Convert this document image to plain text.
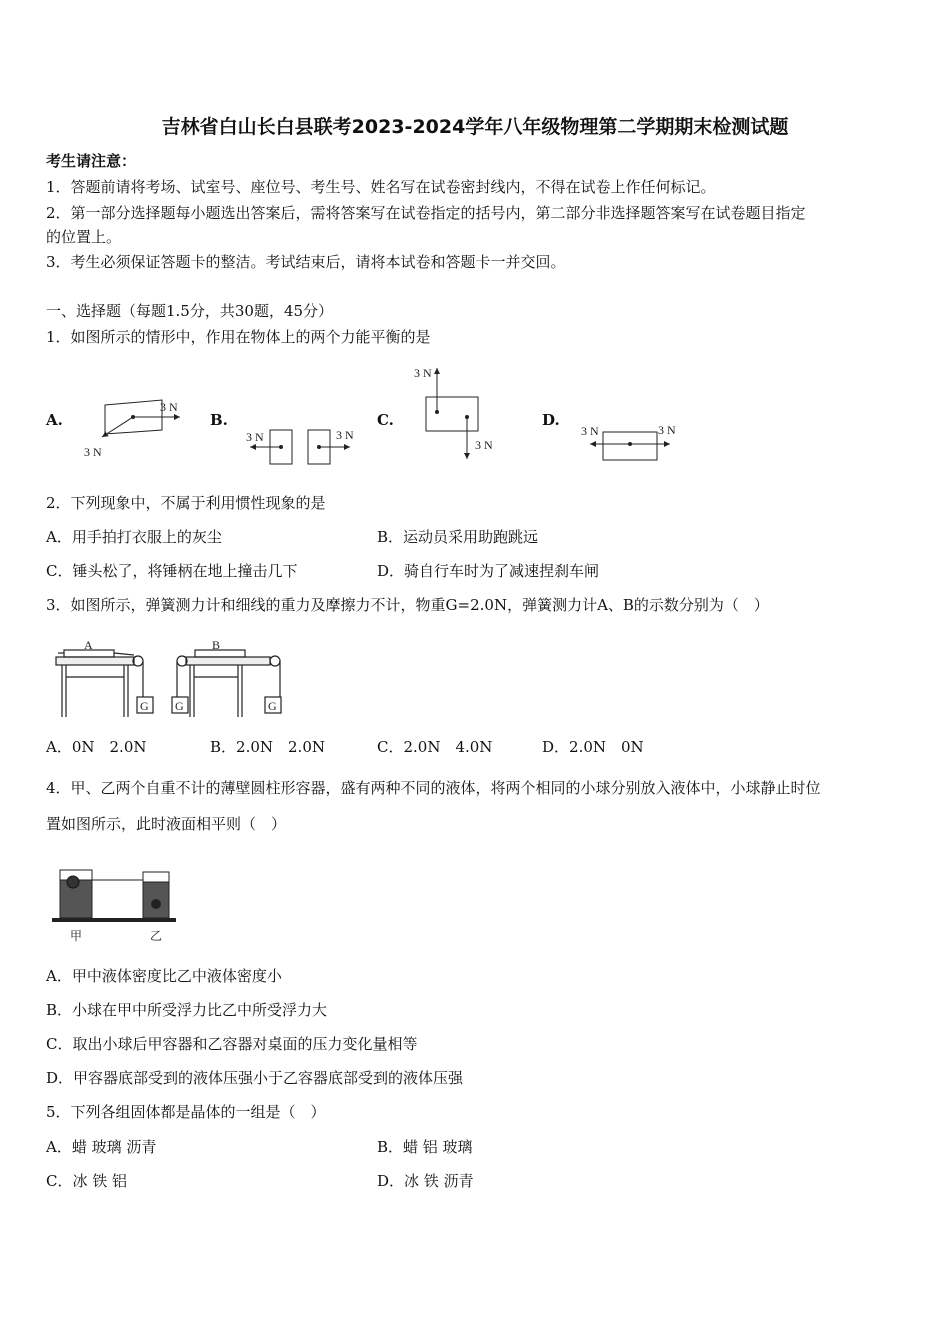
吉林省白山长白县联考2023-2024学年八年级物理第二学期期末检测试题
考生请注意：
1．答题前请将考场、试室号、座位号、考生号、姓名写在试卷密封线内，不得在试卷上作任何标记。
2．第一部分选择题每小题选出答案后，需将答案写在试卷指定的括号内，第二部分非选择题答案写在试卷题目指定
的位置上。
3．考生必须保证答题卡的整洁。考试结束后，请将本试卷和答题卡一并交回。
一、选择题（每题1.5分，共30题，45分）
1．如图所示的情形中，作用在物体上的两个力能平衡的是
A.	B.	C.	D.
3 N
3 N
3 N	3 N
3 N
3 N
3 N	3 N
2．下列现象中，不属于利用惯性现象的是
A．用手拍打衣服上的灰尘	B．运动员采用助跑跳远
C．锤头松了，将锤柄在地上撞击几下	D．骑自行车时为了减速捏刹车闸
3．如图所示，弹簧测力计和细线的重力及摩擦力不计，物重G=2.0N，弹簧测力计A、B的示数分别为（　）
A
G
B
G	G
A．0N　2.0N	B．2.0N　2.0N	C．2.0N　4.0N	D．2.0N　0N
4．甲、乙两个自重不计的薄壁圆柱形容器，盛有两种不同的液体，将两个相同的小球分别放入液体中，小球静止时位
置如图所示，此时液面相平则（　）
甲	乙
A．甲中液体密度比乙中液体密度小
B．小球在甲中所受浮力比乙中所受浮力大
C．取出小球后甲容器和乙容器对桌面的压力变化量相等
D．甲容器底部受到的液体压强小于乙容器底部受到的液体压强
5．下列各组固体都是晶体的一组是（　）
A．蜡 玻璃 沥青	B．蜡 铝 玻璃
C．冰 铁 铝	D．冰 铁 沥青
